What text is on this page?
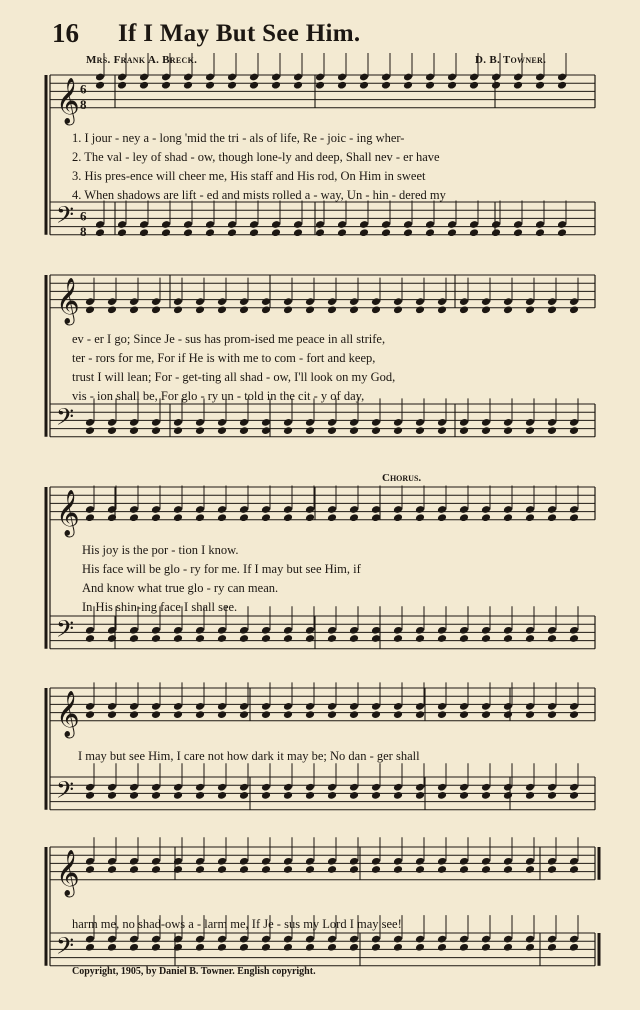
16 If I May But See Him.
Mrs. Frank A. Breck.	D. B. Towner.
𝄞 6
8
𝄢 6
8
𝄞
𝄢
𝄞
𝄢
𝄞
𝄢
𝄞
𝄢
Chorus.
1. I jour - ney a - long 'mid the tri - als of life, Re - joic - ing wher-
2. The val - ley of shad - ow, though lone-ly and deep, Shall nev - er have
3. His pres-ence will cheer me, His staff and His rod, On Him in sweet
4. When shadows are lift - ed and mists rolled a - way, Un - hin - dered my
ev - er I go; Since Je - sus has prom-ised me peace in all strife,
ter - rors for me, For if He is with me to com - fort and keep,
trust I will lean; For - get-ting all shad - ow, I'll look on my God,
vis - ion shall be, For glo - ry un - told in the cit - y of day,
His joy is the por - tion I know.
His face will be glo - ry for me. If I may but see Him, if
And know what true glo - ry can mean.
In His shin-ing face I shall see.
I may but see Him, I care not how dark it may be; No dan - ger shall
harm me, no shad-ows a - larm me, If Je - sus my Lord I may see!
Copyright, 1905, by Daniel B. Towner. English copyright.
